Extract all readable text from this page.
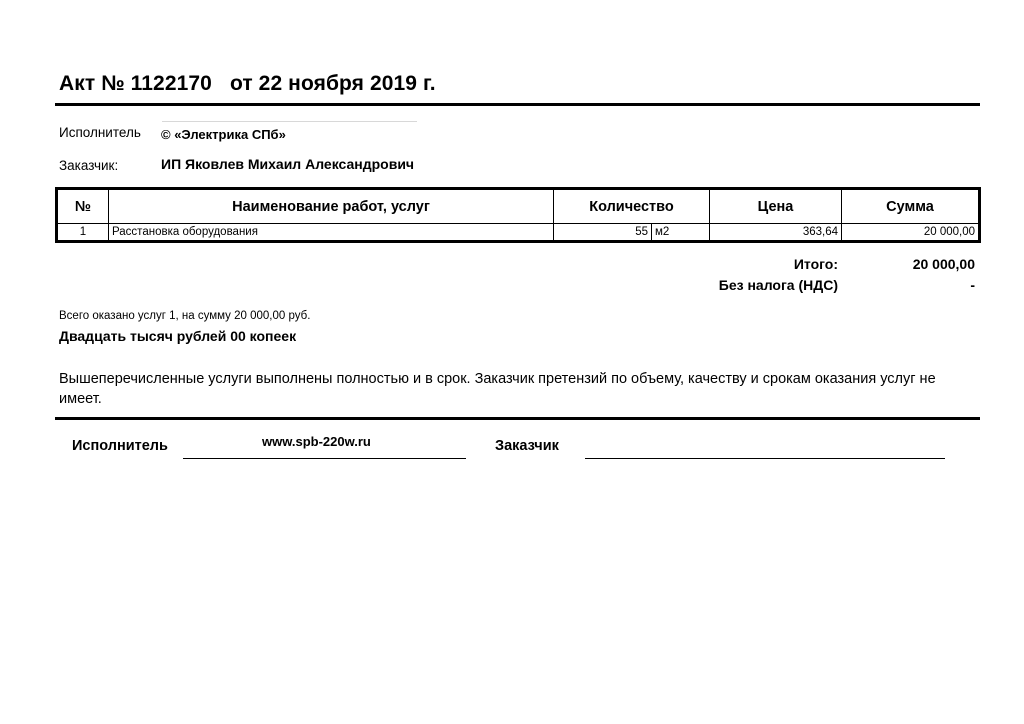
Акт № 1122170 от 22 ноября 2019 г.
Исполнитель © «Электрика СПб»
Заказчик:	ИП Яковлев Михаил Александрович
№	Наименование работ, услуг	Количество		Цена	Сумма
1	Расстановка оборудования	55	м2	363,64	20 000,00
Итого:	20 000,00
Без налога (НДС)	-
Всего оказано услуг 1, на сумму 20 000,00 руб.
Двадцать тысяч рублей 00 копеек
Вышеперечисленные услуги выполнены полностью и в срок. Заказчик претензий по объему, качеству и срокам оказания услуг не имеет.
Исполнитель	www.spb-220w.ru	Заказчик
